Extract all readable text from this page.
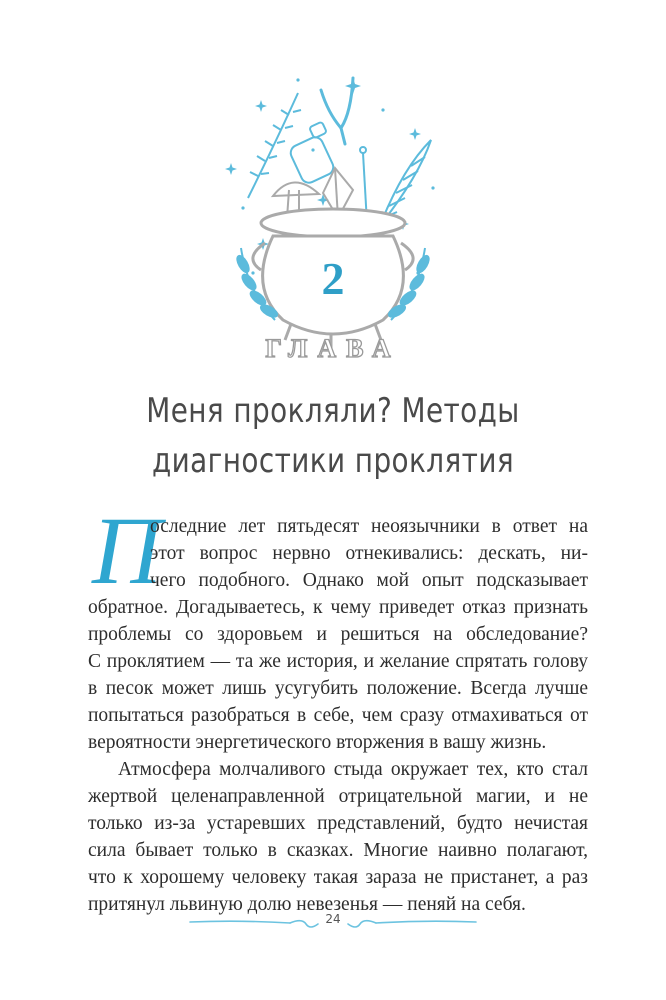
2
ГЛАВА
Меня прокляли? Методы
диагностики проклятия
П
оследние лет пятьдесят неоязычники в ответ на
этот вопрос нервно отнекивались: дескать, ни-
чего подобного. Однако мой опыт подсказывает
обратное. Догадываетесь, к чему приведет отказ признать
проблемы со здоровьем и решиться на обследование?
С проклятием — та же история, и желание спрятать голову
в песок может лишь усугубить положение. Всегда лучше
попытаться разобраться в себе, чем сразу отмахиваться от
вероятности энергетического вторжения в вашу жизнь.
Атмосфера молчаливого стыда окружает тех, кто стал
жертвой целенаправленной отрицательной магии, и не
только из-за устаревших представлений, будто нечистая
сила бывает только в сказках. Многие наивно полагают,
что к хорошему человеку такая зараза не пристанет, а раз
притянул львиную долю невезенья — пеняй на себя.
24
